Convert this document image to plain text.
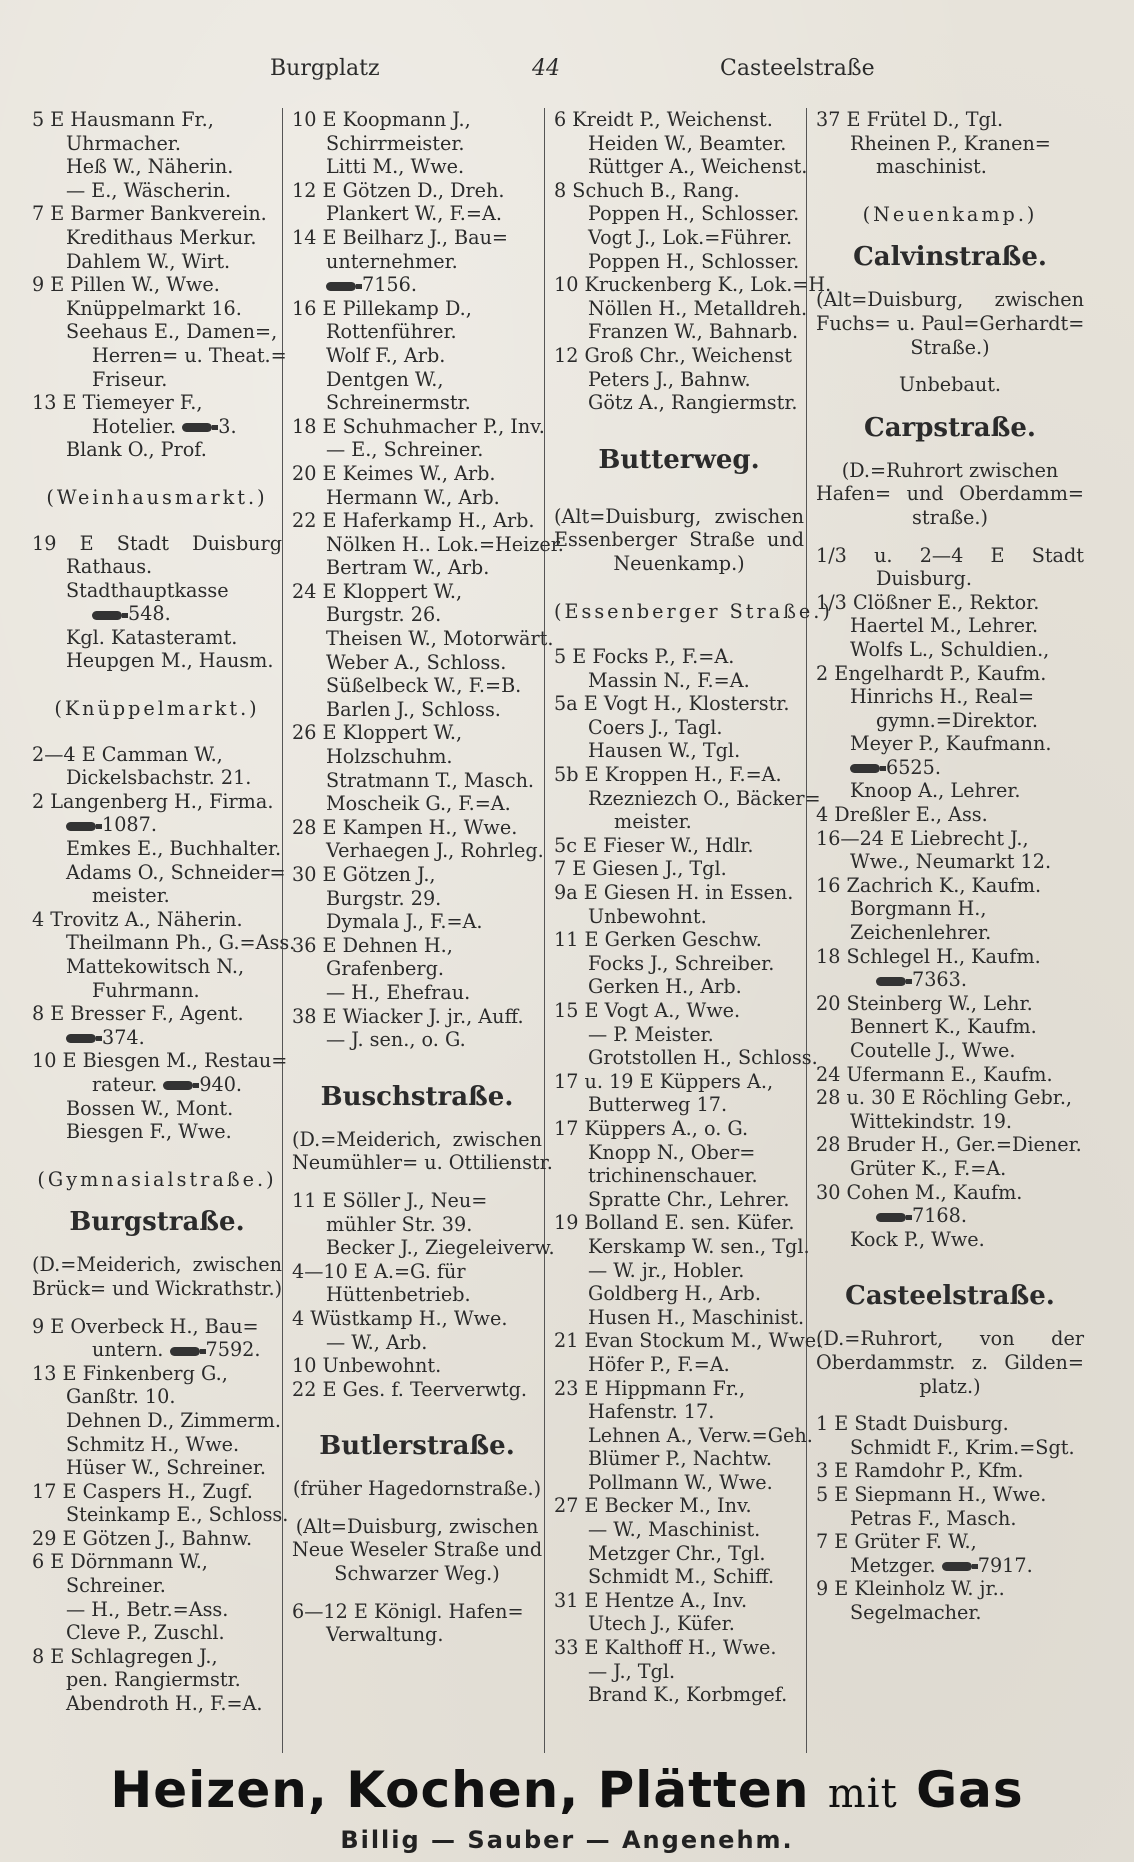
Burgplatz	44	Casteelstraße
5 E Hausmann Fr.,
Uhrmacher.
Heß W., Näherin.
— E., Wäscherin.
7 E Barmer Bankverein.
Kredithaus Merkur.
Dahlem W., Wirt.
9 E Pillen W., Wwe.
Knüppelmarkt 16.
Seehaus E., Damen=,
Herren= u. Theat.=
Friseur.
13 E Tiemeyer F.,
Hotelier. 3.
Blank O., Prof.
(Weinhausmarkt.)
19 E Stadt Duisburg
Rathaus.
Stadthauptkasse
548.
Kgl. Katasteramt.
Heupgen M., Hausm.
(Knüppelmarkt.)
2—4 E Camman W.,
Dickelsbachstr. 21.
2 Langenberg H., Firma.
1087.
Emkes E., Buchhalter.
Adams O., Schneider=
meister.
4 Trovitz A., Näherin.
Theilmann Ph., G.=Ass.
Mattekowitsch N.,
Fuhrmann.
8 E Bresser F., Agent.
374.
10 E Biesgen M., Restau=
rateur. 940.
Bossen W., Mont.
Biesgen F., Wwe.
(Gymnasialstraße.)
Burgstraße.
(D.=Meiderich, zwischen
Brück= und Wickrathstr.)
9 E Overbeck H., Bau=
untern. 7592.
13 E Finkenberg G.,
Ganßtr. 10.
Dehnen D., Zimmerm.
Schmitz H., Wwe.
Hüser W., Schreiner.
17 E Caspers H., Zugf.
Steinkamp E., Schloss.
29 E Götzen J., Bahnw.
6 E Dörnmann W.,
Schreiner.
— H., Betr.=Ass.
Cleve P., Zuschl.
8 E Schlagregen J.,
pen. Rangiermstr.
Abendroth H., F.=A.
10 E Koopmann J.,
Schirrmeister.
Litti M., Wwe.
12 E Götzen D., Dreh.
Plankert W., F.=A.
14 E Beilharz J., Bau=
unternehmer.
7156.
16 E Pillekamp D.,
Rottenführer.
Wolf F., Arb.
Dentgen W.,
Schreinermstr.
18 E Schuhmacher P., Inv.
— E., Schreiner.
20 E Keimes W., Arb.
Hermann W., Arb.
22 E Haferkamp H., Arb.
Nölken H.. Lok.=Heizer.
Bertram W., Arb.
24 E Kloppert W.,
Burgstr. 26.
Theisen W., Motorwärt.
Weber A., Schloss.
Süßelbeck W., F.=B.
Barlen J., Schloss.
26 E Kloppert W.,
Holzschuhm.
Stratmann T., Masch.
Moscheik G., F.=A.
28 E Kampen H., Wwe.
Verhaegen J., Rohrleg.
30 E Götzen J.,
Burgstr. 29.
Dymala J., F.=A.
36 E Dehnen H.,
Grafenberg.
— H., Ehefrau.
38 E Wiacker J. jr., Auff.
— J. sen., o. G.
Buschstraße.
(D.=Meiderich, zwischen
Neumühler= u. Ottilienstr.
11 E Söller J., Neu=
mühler Str. 39.
Becker J., Ziegeleiverw.
4—10 E A.=G. für
Hüttenbetrieb.
4 Wüstkamp H., Wwe.
— W., Arb.
10 Unbewohnt.
22 E Ges. f. Teerverwtg.
Butlerstraße.
(früher Hagedornstraße.)
(Alt=Duisburg, zwischen
Neue Weseler Straße und
Schwarzer Weg.)
6—12 E Königl. Hafen=
Verwaltung.
6 Kreidt P., Weichenst.
Heiden W., Beamter.
Rüttger A., Weichenst.
8 Schuch B., Rang.
Poppen H., Schlosser.
Vogt J., Lok.=Führer.
Poppen H., Schlosser.
10 Kruckenberg K., Lok.=H.
Nöllen H., Metalldreh.
Franzen W., Bahnarb.
12 Groß Chr., Weichenst
Peters J., Bahnw.
Götz A., Rangiermstr.
Butterweg.
(Alt=Duisburg, zwischen
Essenberger Straße und
Neuenkamp.)
(Essenberger Straße.)
5 E Focks P., F.=A.
Massin N., F.=A.
5a E Vogt H., Klosterstr.
Coers J., Tagl.
Hausen W., Tgl.
5b E Kroppen H., F.=A.
Rzezniezch O., Bäcker=
meister.
5c E Fieser W., Hdlr.
7 E Giesen J., Tgl.
9a E Giesen H. in Essen.
Unbewohnt.
11 E Gerken Geschw.
Focks J., Schreiber.
Gerken H., Arb.
15 E Vogt A., Wwe.
— P. Meister.
Grotstollen H., Schloss.
17 u. 19 E Küppers A.,
Butterweg 17.
17 Küppers A., o. G.
Knopp N., Ober=
trichinenschauer.
Spratte Chr., Lehrer.
19 Bolland E. sen. Küfer.
Kerskamp W. sen., Tgl.
— W. jr., Hobler.
Goldberg H., Arb.
Husen H., Maschinist.
21 Evan Stockum M., Wwe.
Höfer P., F.=A.
23 E Hippmann Fr.,
Hafenstr. 17.
Lehnen A., Verw.=Geh.
Blümer P., Nachtw.
Pollmann W., Wwe.
27 E Becker M., Inv.
— W., Maschinist.
Metzger Chr., Tgl.
Schmidt M., Schiff.
31 E Hentze A., Inv.
Utech J., Küfer.
33 E Kalthoff H., Wwe.
— J., Tgl.
Brand K., Korbmgef.
37 E Frütel D., Tgl.
Rheinen P., Kranen=
maschinist.
(Neuenkamp.)
Calvinstraße.
(Alt=Duisburg, zwischen
Fuchs= u. Paul=Gerhardt=
Straße.)
Unbebaut.
Carpstraße.
(D.=Ruhrort zwischen
Hafen= und Oberdamm=
straße.)
1/3 u. 2—4 E Stadt
Duisburg.
1/3 Clößner E., Rektor.
Haertel M., Lehrer.
Wolfs L., Schuldien.,
2 Engelhardt P., Kaufm.
Hinrichs H., Real=
gymn.=Direktor.
Meyer P., Kaufmann.
6525.
Knoop A., Lehrer.
4 Dreßler E., Ass.
16—24 E Liebrecht J.,
Wwe., Neumarkt 12.
16 Zachrich K., Kaufm.
Borgmann H.,
Zeichenlehrer.
18 Schlegel H., Kaufm.
7363.
20 Steinberg W., Lehr.
Bennert K., Kaufm.
Coutelle J., Wwe.
24 Ufermann E., Kaufm.
28 u. 30 E Röchling Gebr.,
Wittekindstr. 19.
28 Bruder H., Ger.=Diener.
Grüter K., F.=A.
30 Cohen M., Kaufm.
7168.
Kock P., Wwe.
Casteelstraße.
(D.=Ruhrort, von der
Oberdammstr. z. Gilden=
platz.)
1 E Stadt Duisburg.
Schmidt F., Krim.=Sgt.
3 E Ramdohr P., Kfm.
5 E Siepmann H., Wwe.
Petras F., Masch.
7 E Grüter F. W.,
Metzger. 7917.
9 E Kleinholz W. jr..
Segelmacher.
Heizen, Kochen, Plätten mit Gas
Billig — Sauber — Angenehm.
